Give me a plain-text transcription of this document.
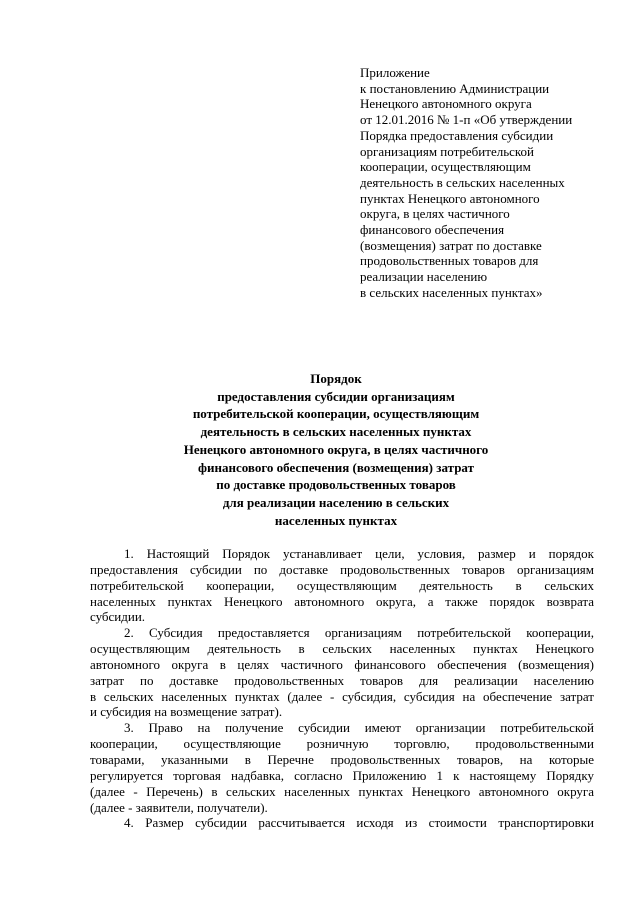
Приложение
к постановлению Администрации
Ненецкого автономного округа
от 12.01.2016 № 1-п «Об утверждении
Порядка предоставления субсидии
организациям потребительской
кооперации, осуществляющим
деятельность в сельских населенных
пунктах Ненецкого автономного
округа, в целях частичного
финансового обеспечения
(возмещения) затрат по доставке
продовольственных товаров для
реализации населению
в сельских населенных пунктах»
Порядок
предоставления субсидии организациям
потребительской кооперации, осуществляющим
деятельность в сельских населенных пунктах
Ненецкого автономного округа, в целях частичного
финансового обеспечения (возмещения) затрат
по доставке продовольственных товаров
для реализации населению в сельских
населенных пунктах
1. Настоящий Порядок устанавливает цели, условия, размер и порядок
предоставления субсидии по доставке продовольственных товаров организациям
потребительской кооперации, осуществляющим деятельность в сельских
населенных пунктах Ненецкого автономного округа, а также порядок возврата
субсидии.
2. Субсидия предоставляется организациям потребительской кооперации,
осуществляющим деятельность в сельских населенных пунктах Ненецкого
автономного округа в целях частичного финансового обеспечения (возмещения)
затрат по доставке продовольственных товаров для реализации населению
в сельских населенных пунктах (далее - субсидия, субсидия на обеспечение затрат
и субсидия на возмещение затрат).
3. Право на получение субсидии имеют организации потребительской
кооперации, осуществляющие розничную торговлю, продовольственными
товарами, указанными в Перечне продовольственных товаров, на которые
регулируется торговая надбавка, согласно Приложению 1 к настоящему Порядку
(далее - Перечень) в сельских населенных пунктах Ненецкого автономного округа
(далее - заявители, получатели).
4. Размер субсидии рассчитывается исходя из стоимости транспортировки
